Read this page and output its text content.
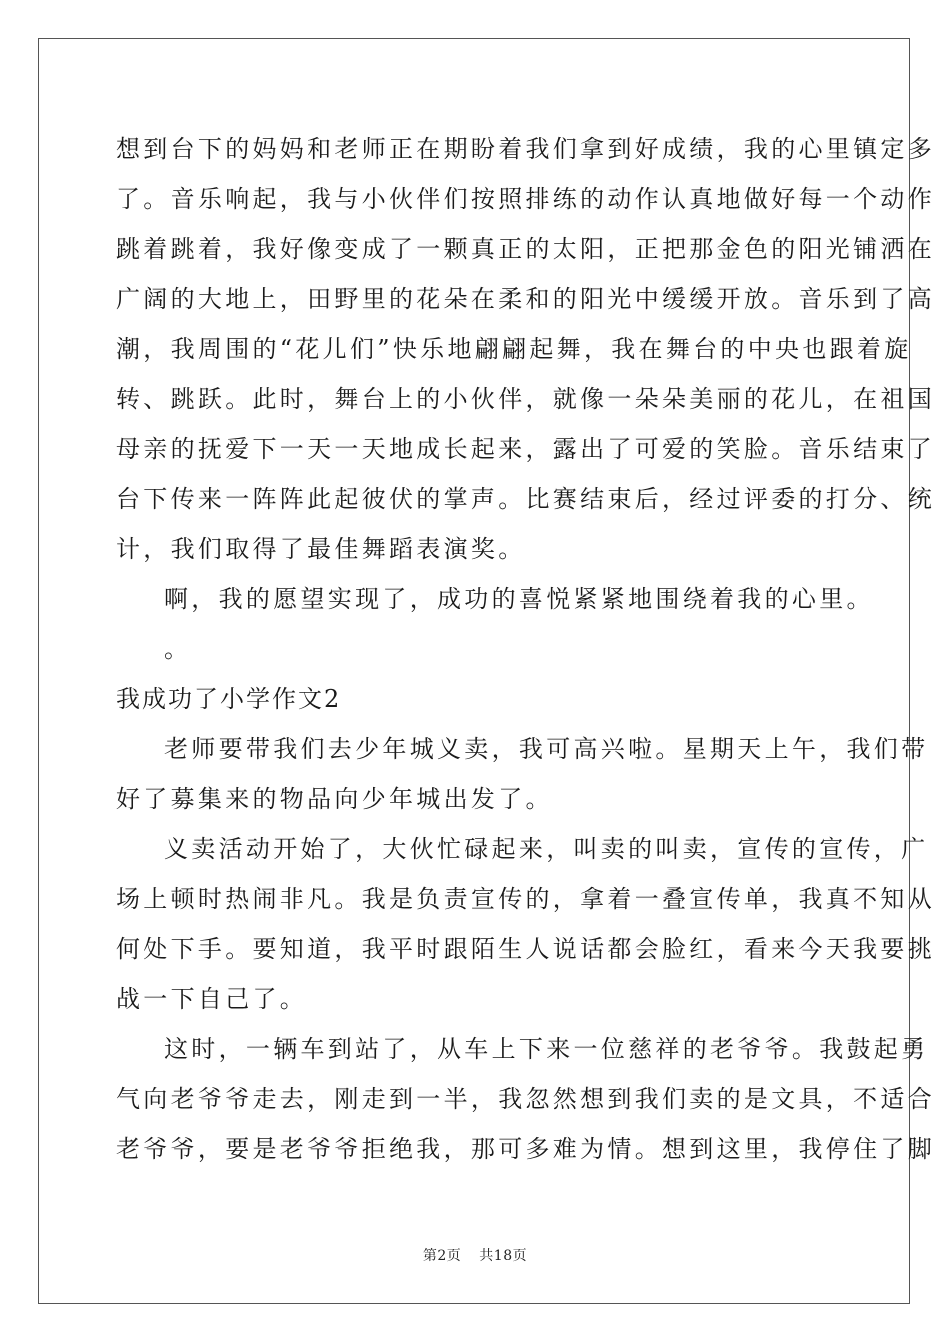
想到台下的妈妈和老师正在期盼着我们拿到好成绩，我的心里镇定多
了。音乐响起，我与小伙伴们按照排练的动作认真地做好每一个动作
跳着跳着，我好像变成了一颗真正的太阳，正把那金色的阳光铺洒在
广阔的大地上，田野里的花朵在柔和的阳光中缓缓开放。音乐到了高
潮，我周围的“花儿们”快乐地翩翩起舞，我在舞台的中央也跟着旋
转、跳跃。此时，舞台上的小伙伴，就像一朵朵美丽的花儿，在祖国
母亲的抚爱下一天一天地成长起来，露出了可爱的笑脸。音乐结束了
台下传来一阵阵此起彼伏的掌声。比赛结束后，经过评委的打分、统
计，我们取得了最佳舞蹈表演奖。
啊，我的愿望实现了，成功的喜悦紧紧地围绕着我的心里。
。
我成功了小学作文2
老师要带我们去少年城义卖，我可高兴啦。星期天上午，我们带
好了募集来的物品向少年城出发了。
义卖活动开始了，大伙忙碌起来，叫卖的叫卖，宣传的宣传，广
场上顿时热闹非凡。我是负责宣传的，拿着一叠宣传单，我真不知从
何处下手。要知道，我平时跟陌生人说话都会脸红，看来今天我要挑
战一下自己了。
这时，一辆车到站了，从车上下来一位慈祥的老爷爷。我鼓起勇
气向老爷爷走去，刚走到一半，我忽然想到我们卖的是文具，不适合
老爷爷，要是老爷爷拒绝我，那可多难为情。想到这里，我停住了脚
第2页 共18页
